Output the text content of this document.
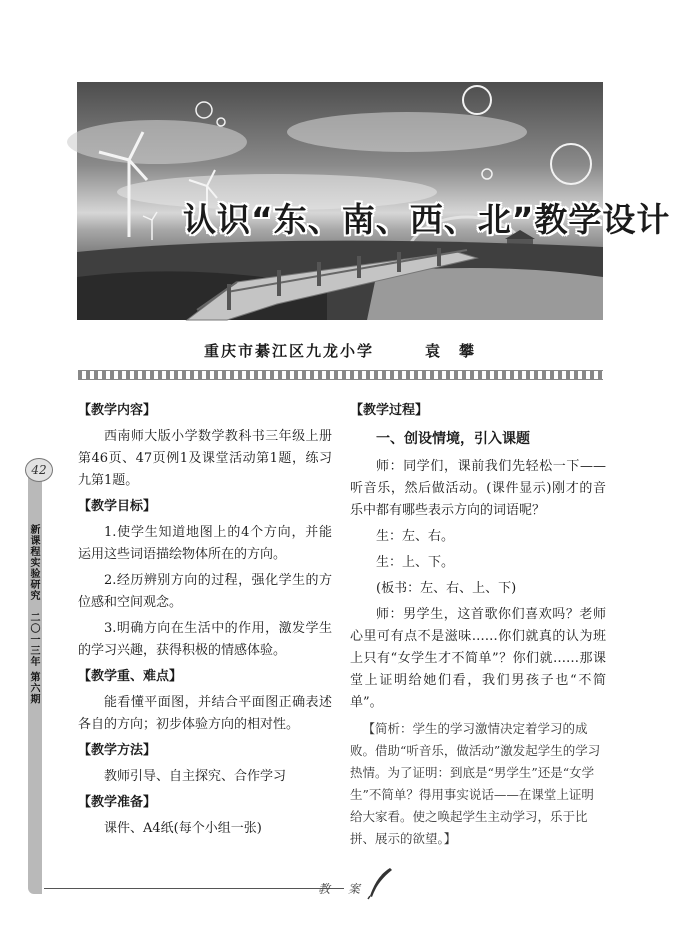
42
新课程实验研究　二〇一三年 第六期
认识“东、南、西、北”教学设计
重庆市綦江区九龙小学　　　	袁　攀
【教学内容】

西南师大版小学数学教科书三年级上册第46页、47页例1及课堂活动第1题，练习九第1题。

【教学目标】

1.使学生知道地图上的4个方向，并能运用这些词语描绘物体所在的方向。

2.经历辨别方向的过程，强化学生的方位感和空间观念。

3.明确方向在生活中的作用，激发学生的学习兴趣，获得积极的情感体验。

【教学重、难点】

能看懂平面图，并结合平面图正确表述各自的方向；初步体验方向的相对性。

【教学方法】

教师引导、自主探究、合作学习

【教学准备】

课件、A4纸(每个小组一张)

【教学过程】
一、创设情境，引入课题

师：同学们，课前我们先轻松一下——听音乐，然后做活动。(课件显示)刚才的音乐中都有哪些表示方向的词语呢？

生：左、右。

生：上、下。

(板书：左、右、上、下)

师：男学生，这首歌你们喜欢吗？老师心里可有点不是滋味……你们就真的认为班上只有“女学生才不简单”？你们就……那课堂上证明给她们看，我们男孩子也“不简单”。

【简析：学生的学习激情决定着学习的成败。借助“听音乐，做活动”激发起学生的学习热情。为了证明：到底是“男学生”还是“女学生”不简单？得用事实说话——在课堂上证明给大家看。使之唤起学生主动学习，乐于比拼、展示的欲望。】

教　案
